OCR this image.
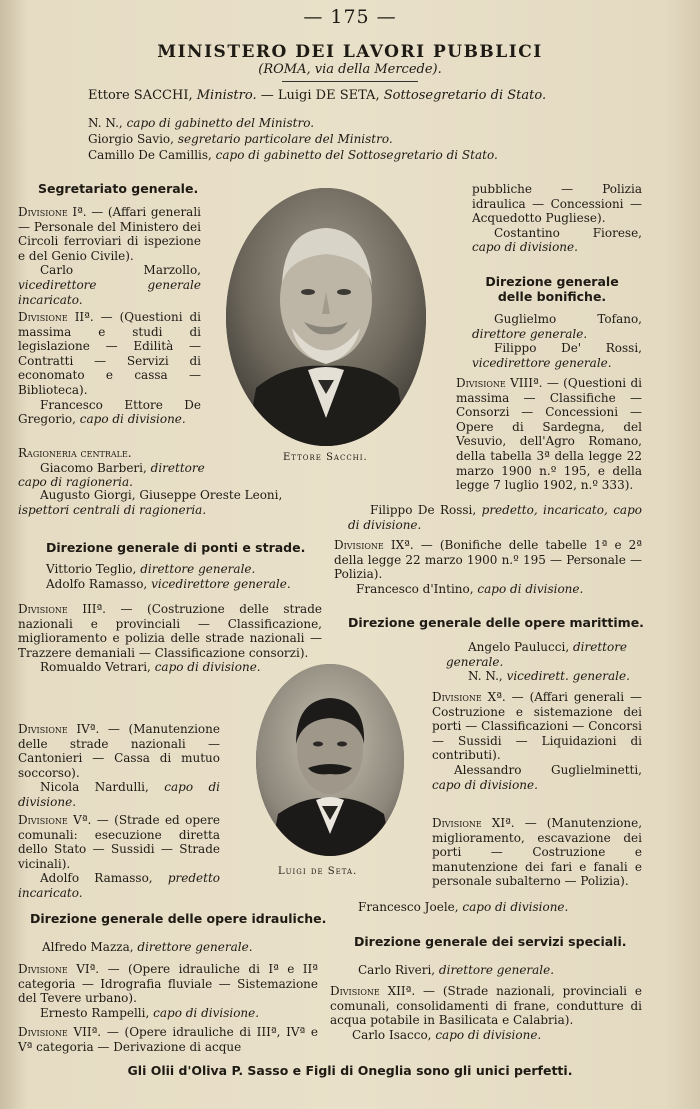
— 175 —
MINISTERO DEI LAVORI PUBBLICI
(ROMA, via della Mercede).
Ettore SACCHI, Ministro. — Luigi DE SETA, Sottosegretario di Stato.
N. N., capo di gabinetto del Ministro.
Giorgio Savio, segretario particolare del Ministro.
Camillo De Camillis, capo di gabinetto del Sottosegretario di Stato.
Ettore Sacchi.
Luigi de Seta.
Segretariato generale.

Divisione Iª. — (Affari generali — Personale del Ministero dei Circoli ferroviari di ispezione e del Genio Civile).

Carlo Marzollo, vicedirettore generale incaricato.

Divisione IIª. — (Questioni di massima e studi di legislazione — Edilità — Contratti — Servizi di economato e cassa — Biblioteca).

Francesco Ettore De Gregorio, capo di divisione.

Ragioneria centrale.

Giacomo Barberi, direttore capo di ragioneria.

Augusto Giorgi, Giuseppe Oreste Leoni, ispettori centrali di ragioneria.

Direzione generale di ponti e strade.

Vittorio Teglio, direttore generale.

Adolfo Ramasso, vicedirettore generale.

Divisione IIIª. — (Costruzione delle strade nazionali e provinciali — Classificazione, miglioramento e polizia delle strade nazionali — Trazzere demaniali — Classificazione consorzi).

Romualdo Vetrari, capo di divisione.

Divisione IVª. — (Manutenzione delle strade nazionali — Cantonieri — Cassa di mutuo soccorso).

Nicola Nardulli, capo di divisione.

Divisione Vª. — (Strade ed opere comunali: esecuzione diretta dello Stato — Sussidi — Strade vicinali).

Adolfo Ramasso, predetto incaricato.

Direzione generale delle opere idrauliche.

Alfredo Mazza, direttore generale.

Divisione VIª. — (Opere idrauliche di Iª e IIª categoria — Idrografia fluviale — Sistemazione del Tevere urbano).

Ernesto Rampelli, capo di divisione.

Divisione VIIª. — (Opere idrauliche di IIIª, IVª e Vª categoria — Derivazione di acque

pubbliche — Polizia idraulica — Concessioni — Acquedotto Pugliese).

Costantino Fiorese, capo di divisione.

Direzione generale
delle bonifiche.

Guglielmo Tofano, direttore generale.

Filippo De' Rossi, vicedirettore generale.

Divisione VIIIª. — (Questioni di massima — Classifiche — Consorzi — Concessioni — Opere di Sardegna, del Vesuvio, dell'Agro Romano, della tabella 3ª della legge 22 marzo 1900 n.º 195, e della legge 7 luglio 1902, n.º 333).

Filippo De Rossi, predetto, incaricato, capo di divisione.

Divisione IXª. — (Bonifiche delle tabelle 1ª e 2ª della legge 22 marzo 1900 n.º 195 — Personale — Polizia).

Francesco d'Intino, capo di divisione.

Direzione generale delle opere marittime.

Angelo Paulucci, direttore generale.

N. N., vicedirett. generale.

Divisione Xª. — (Affari generali — Costruzione e sistemazione dei porti — Classificazioni — Concorsi — Sussidi — Liquidazioni di contributi).

Alessandro Guglielminetti, capo di divisione.

Divisione XIª. — (Manutenzione, miglioramento, escavazione dei porti — Costruzione e manutenzione dei fari e fanali e personale subalterno — Polizia).

Francesco Joele, capo di divisione.

Direzione generale dei servizi speciali.

Carlo Riveri, direttore generale.

Divisione XIIª. — (Strade nazionali, provinciali e comunali, consolidamenti di frane, condutture di acqua potabile in Basilicata e Calabria).

Carlo Isacco, capo di divisione.

Gli Olii d'Oliva P. Sasso e Figli di Oneglia sono gli unici perfetti.
